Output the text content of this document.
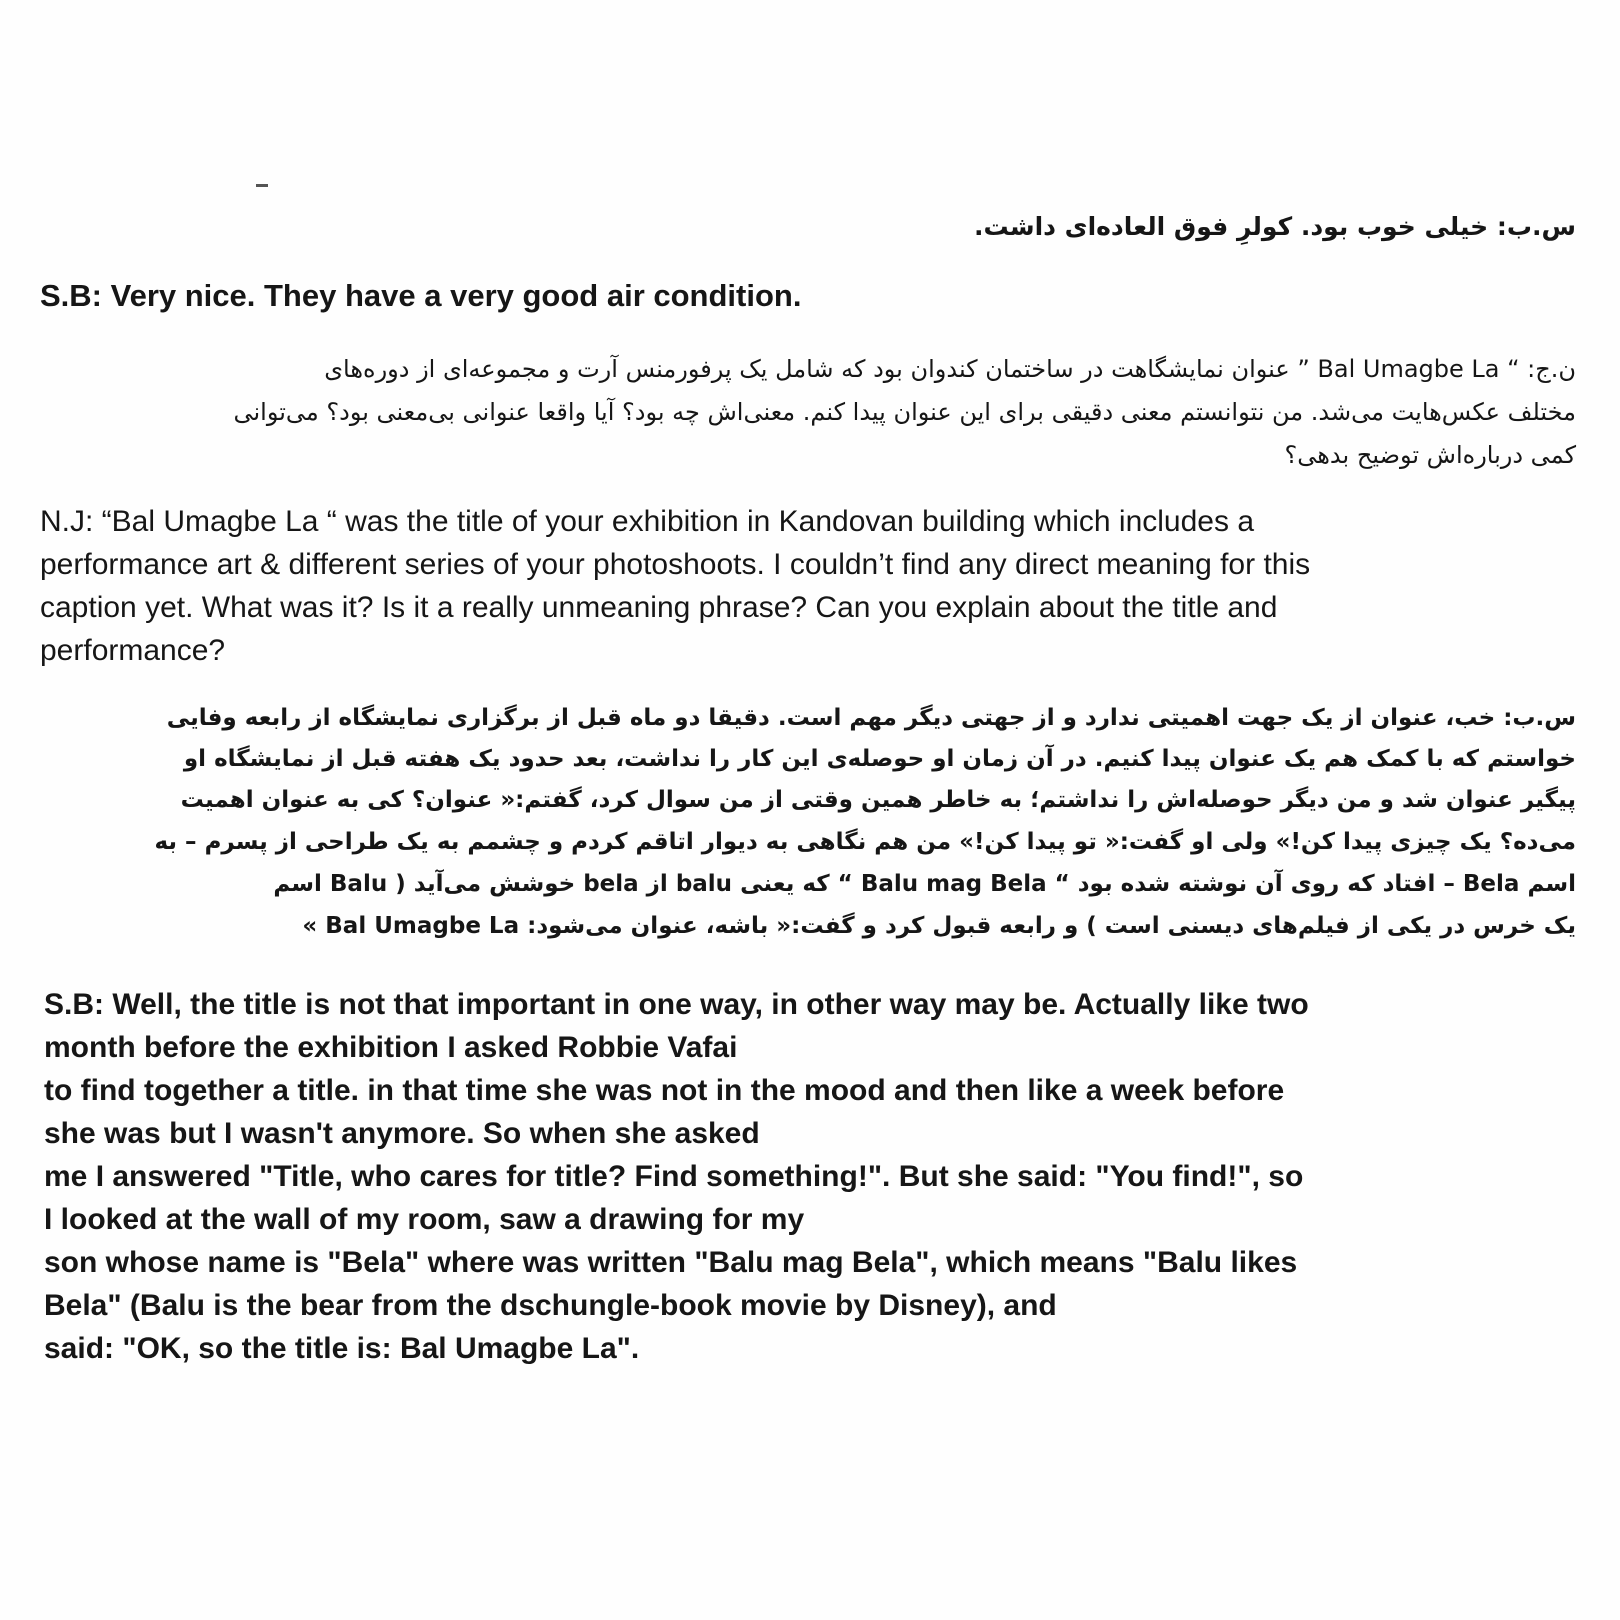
س.ب: خیلی خوب بود. کولرِ فوق العاده‌ای داشت.
S.B: Very nice. They have a very good air condition.
ن.ج: “ Bal Umagbe La ” عنوان نمایشگاهت در ساختمان کندوان بود که شامل یک پرفورمنس آرت و مجموعه‌ای از دوره‌های
مختلف عکس‌هایت می‌شد. من نتوانستم معنی دقیقی برای این عنوان پیدا کنم. معنی‌اش چه بود؟ آیا واقعا عنوانی بی‌معنی بود؟ می‌توانی
کمی درباره‌اش توضیح بدهی؟
N.J: “Bal Umagbe La “ was the title of your exhibition in Kandovan building which includes a
performance art & different series of your photoshoots. I couldn’t find any direct meaning for this
caption yet. What was it? Is it a really unmeaning phrase? Can you explain about the title and
performance?
س.ب: خب، عنوان از یک جهت اهمیتی ندارد و از جهتی دیگر مهم است. دقیقا دو ماه قبل از برگزاری نمایشگاه از رابعه وفایی
خواستم که با کمک هم یک عنوان پیدا کنیم. در آن زمان او حوصله‌ی این کار را نداشت، بعد حدود یک هفته قبل از نمایشگاه او
پیگیر عنوان شد و من دیگر حوصله‌اش را نداشتم؛ به خاطر همین وقتی از من سوال کرد، گفتم:« عنوان؟ کی به عنوان اهمیت
می‌ده؟ یک چیزی پیدا کن!» ولی او گفت:« تو پیدا کن!» من هم نگاهی به دیوار اتاقم کردم و چشمم به یک طراحی از پسرم – به
اسم Bela – افتاد که روی آن نوشته شده بود “ Balu mag Bela “ که یعنی balu از bela خوشش می‌آید ( Balu اسم
یک خرس در یکی از فیلم‌های دیسنی است ) و رابعه قبول کرد و گفت:« باشه، عنوان می‌شود: Bal Umagbe La »
S.B: Well, the title is not that important in one way, in other way may be. Actually like two
month before the exhibition I asked Robbie Vafai
to find together a title. in that time she was not in the mood and then like a week before
she was but I wasn't anymore. So when she asked
me I answered "Title, who cares for title? Find something!". But she said: "You find!", so
I looked at the wall of my room, saw a drawing for my
son whose name is "Bela" where was written "Balu mag Bela", which means "Balu likes
Bela" (Balu is the bear from the dschungle-book movie by Disney), and
said: "OK, so the title is: Bal Umagbe La".
